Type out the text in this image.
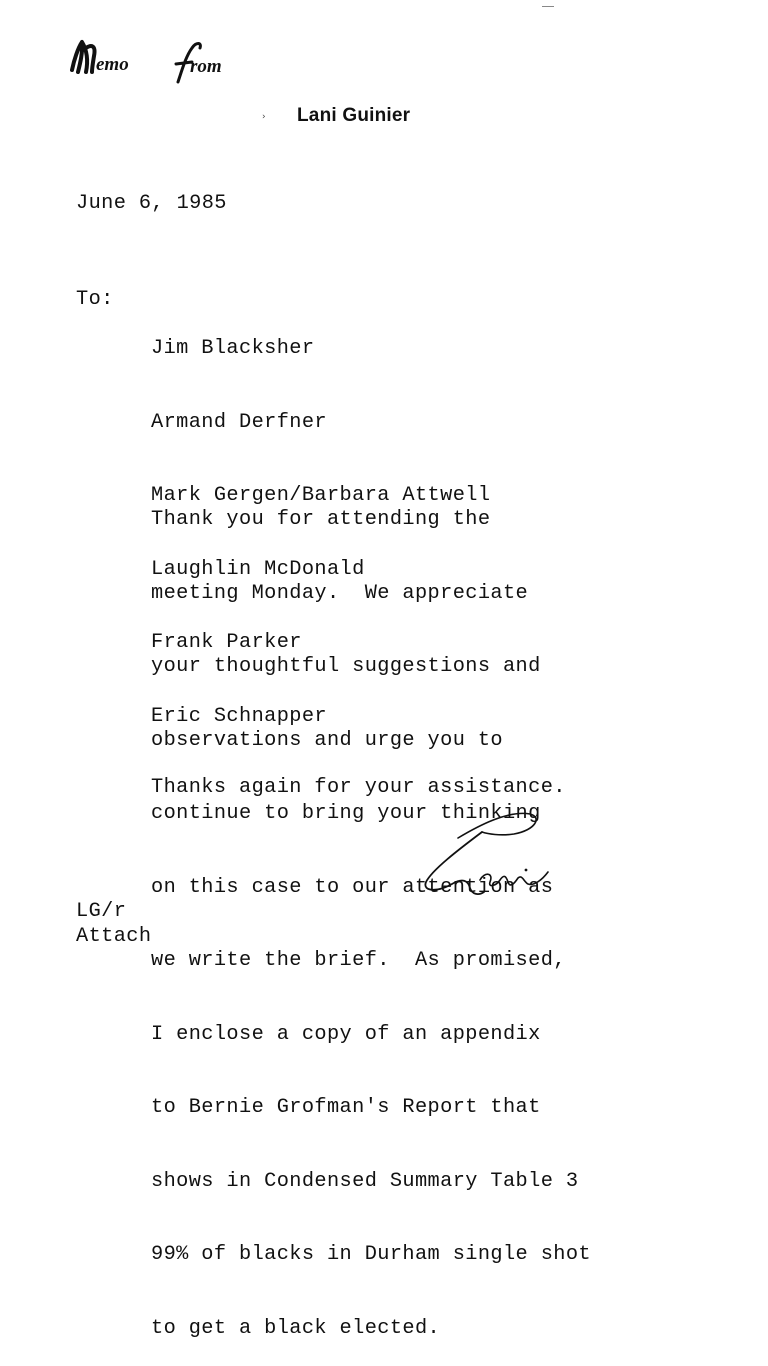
emo	rom
› Lani Guinier
June 6, 1985
To:

Jim Blacksher

Armand Derfner

Mark Gergen/Barbara Attwell

Laughlin McDonald

Frank Parker

Eric Schnapper

Thank you for attending the

meeting Monday.  We appreciate

your thoughtful suggestions and

observations and urge you to

continue to bring your thinking

on this case to our attention as

we write the brief.  As promised,

I enclose a copy of an appendix

to Bernie Grofman's Report that

shows in Condensed Summary Table 3

99% of blacks in Durham single shot

to get a black elected.

Thanks again for your assistance.

LG/r
Attach
